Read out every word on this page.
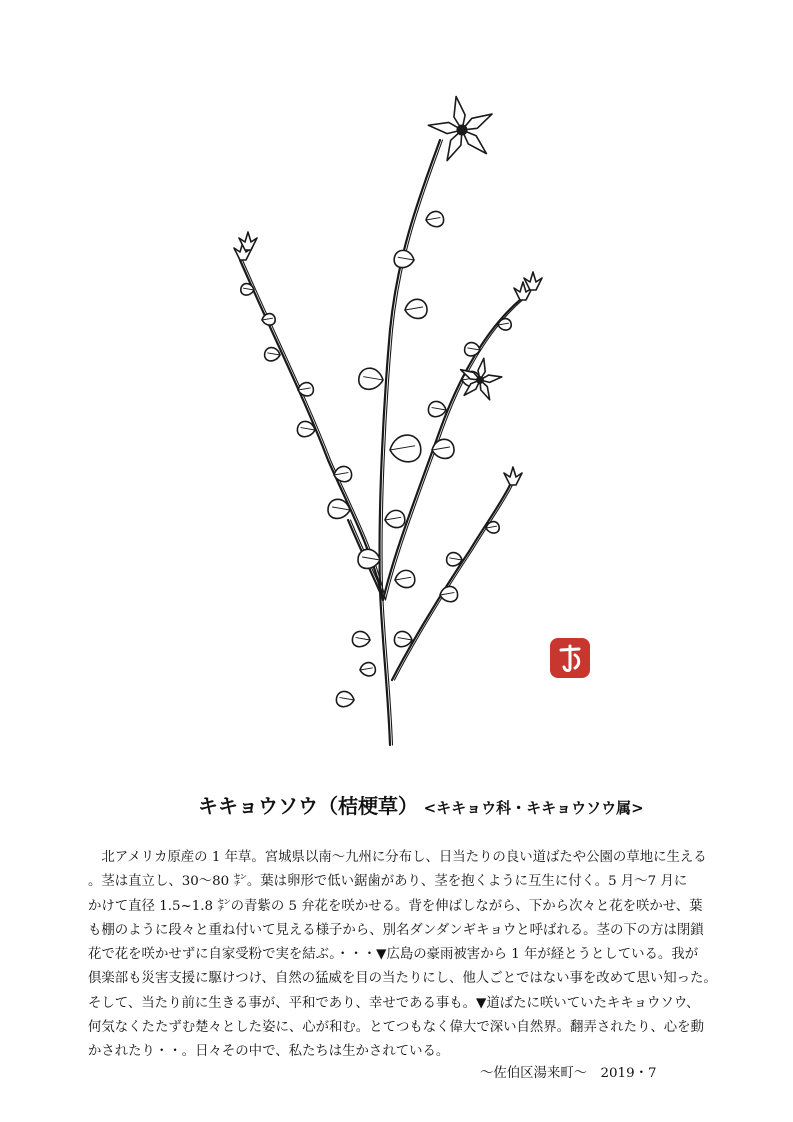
キキョウソウ（桔梗草） <キキョウ科・キキョウソウ属>
　北アメリカ原産の 1 年草。宮城県以南～九州に分布し、日当たりの良い道ばたや公園の草地に生える
。茎は直立し、30～80 ㌢。葉は卵形で低い鋸歯があり、茎を抱くように互生に付く。5 月～7 月に
かけて直径 1.5~1.8 ㌢の青紫の 5 弁花を咲かせる。背を伸ばしながら、下から次々と花を咲かせ、葉
も棚のように段々と重ね付いて見える様子から、別名ダンダンギキョウと呼ばれる。茎の下の方は閉鎖
花で花を咲かせずに自家受粉で実を結ぶ。・・・▼広島の豪雨被害から 1 年が経とうとしている。我が
倶楽部も災害支援に駆けつけ、自然の猛威を目の当たりにし、他人ごとではない事を改めて思い知った。
そして、当たり前に生きる事が、平和であり、幸せである事も。▼道ばたに咲いていたキキョウソウ、
何気なくたたずむ楚々とした姿に、心が和む。とてつもなく偉大で深い自然界。翻弄されたり、心を動
かされたり・・。日々その中で、私たちは生かされている。
～佐伯区湯来町～　2019・7
